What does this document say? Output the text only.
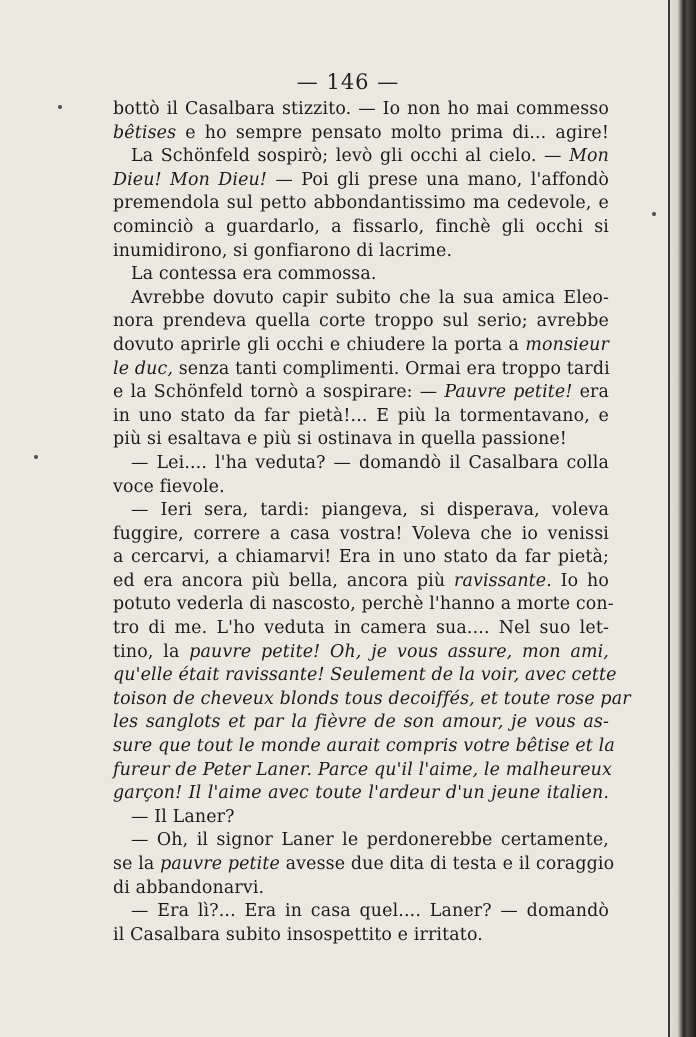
— 146 —
bottò il Casalbara stizzito. — Io non ho mai commesso
bêtises e ho sempre pensato molto prima di... agire!
La Schönfeld sospirò; levò gli occhi al cielo. — Mon
Dieu! Mon Dieu! — Poi gli prese una mano, l'affondò
premendola sul petto abbondantissimo ma cedevole, e
cominciò a guardarlo, a fissarlo, finchè gli occhi si
inumidirono, si gonfiarono di lacrime.
La contessa era commossa.
Avrebbe dovuto capir subito che la sua amica Eleo-
nora prendeva quella corte troppo sul serio; avrebbe
dovuto aprirle gli occhi e chiudere la porta a monsieur
le duc, senza tanti complimenti. Ormai era troppo tardi
e la Schönfeld tornò a sospirare: — Pauvre petite! era
in uno stato da far pietà!... E più la tormentavano, e
più si esaltava e più si ostinava in quella passione!
— Lei.... l'ha veduta? — domandò il Casalbara colla
voce fievole.
— Ieri sera, tardi: piangeva, si disperava, voleva
fuggire, correre a casa vostra! Voleva che io venissi
a cercarvi, a chiamarvi! Era in uno stato da far pietà;
ed era ancora più bella, ancora più ravissante. Io ho
potuto vederla di nascosto, perchè l'hanno a morte con-
tro di me. L'ho veduta in camera sua.... Nel suo let-
tino, la pauvre petite! Oh, je vous assure, mon ami,
qu'elle était ravissante! Seulement de la voir, avec cette
toison de cheveux blonds tous decoiffés, et toute rose par
les sanglots et par la fièvre de son amour, je vous as-
sure que tout le monde aurait compris votre bêtise et la
fureur de Peter Laner. Parce qu'il l'aime, le malheureux
garçon! Il l'aime avec toute l'ardeur d'un jeune italien.
— Il Laner?
— Oh, il signor Laner le perdonerebbe certamente,
se la pauvre petite avesse due dita di testa e il coraggio
di abbandonarvi.
— Era lì?... Era in casa quel.... Laner? — domandò
il Casalbara subito insospettito e irritato.
